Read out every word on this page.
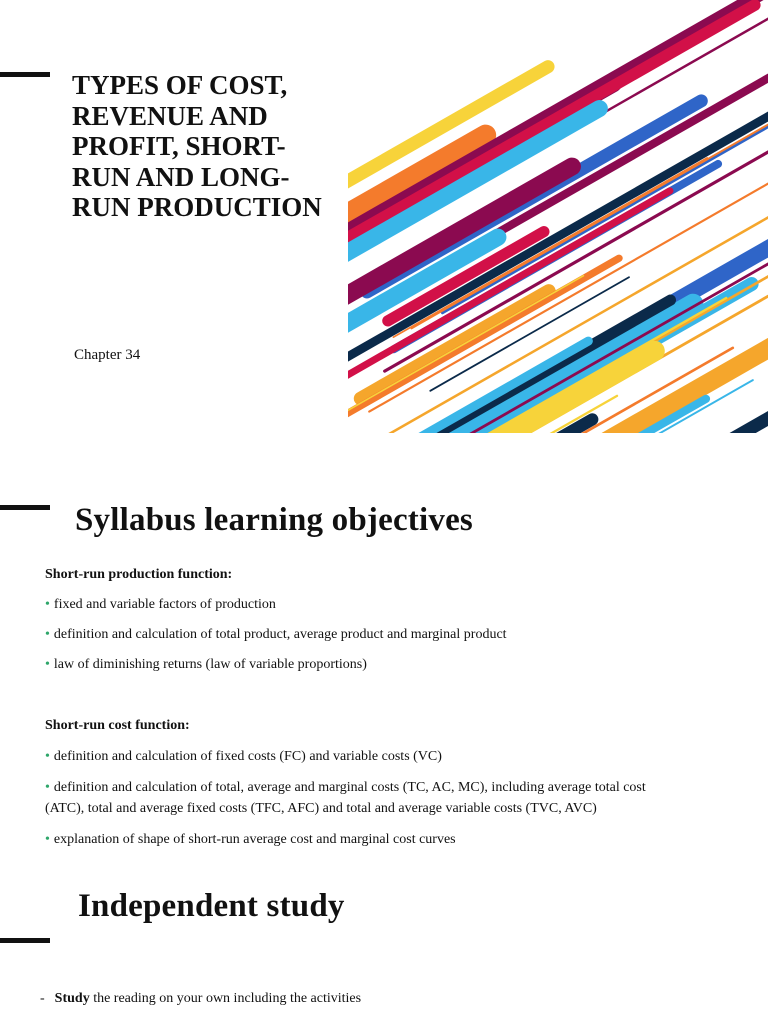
TYPES OF COST, REVENUE AND PROFIT, SHORT-RUN AND LONG-RUN PRODUCTION

Chapter 34

Syllabus learning objectives

Short-run production function:

• fixed and variable factors of production

• definition and calculation of total product, average product and marginal product

• law of diminishing returns (law of variable proportions)

Short-run cost function:

• definition and calculation of fixed costs (FC) and variable costs (VC)

• definition and calculation of total, average and marginal costs (TC, AC, MC), including average total cost (ATC), total and average fixed costs (TFC, AFC) and total and average variable costs (TVC, AVC)

• explanation of shape of short-run average cost and marginal cost curves

Independent study

- Study the reading on your own including the activities
